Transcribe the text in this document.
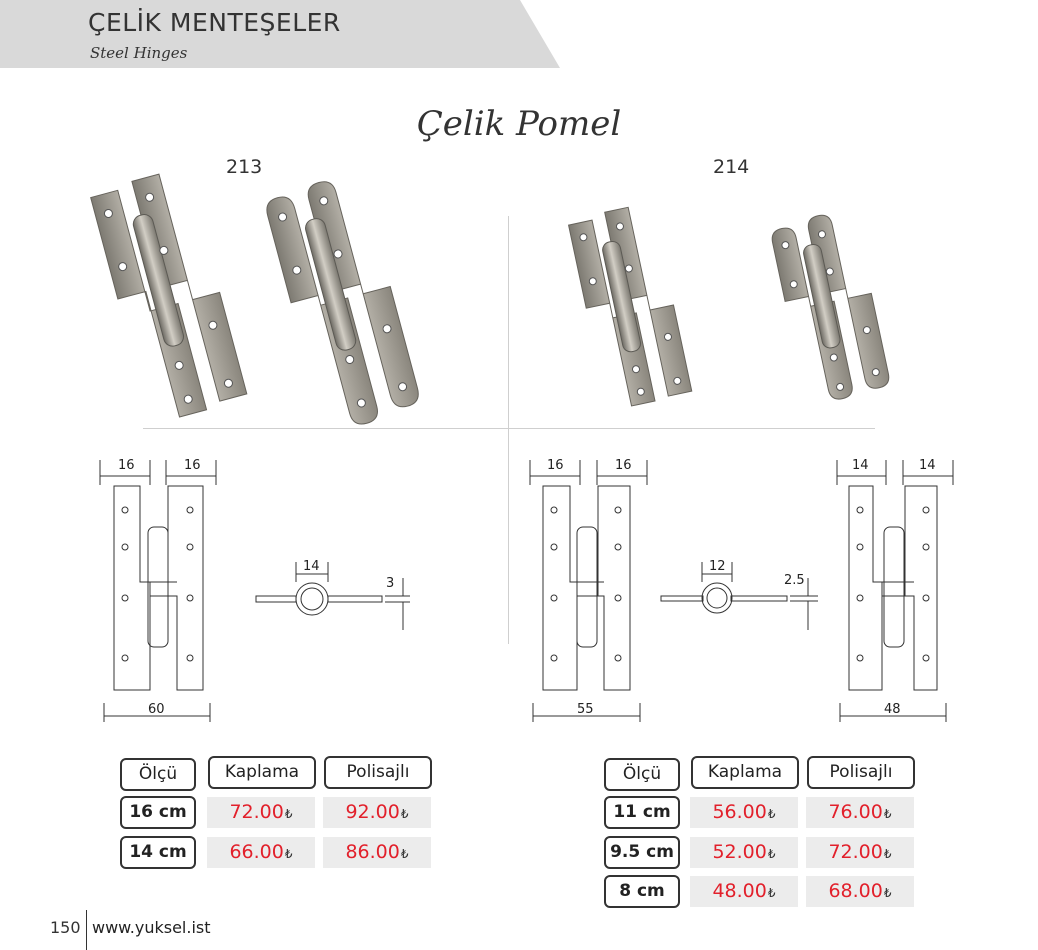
ÇELİK MENTEŞELER
Steel Hinges
Çelik Pomel
213	214
16	16
60
14
3
16	16
55
12
2.5
14	14
48
Ölçü	Kaplama	Polisajlı
16 cm	72.00₺	92.00₺
14 cm	66.00₺	86.00₺
Ölçü	Kaplama	Polisajlı
11 cm	56.00₺	76.00₺
9.5 cm	52.00₺	72.00₺
8 cm	48.00₺	68.00₺
150 www.yuksel.ist
